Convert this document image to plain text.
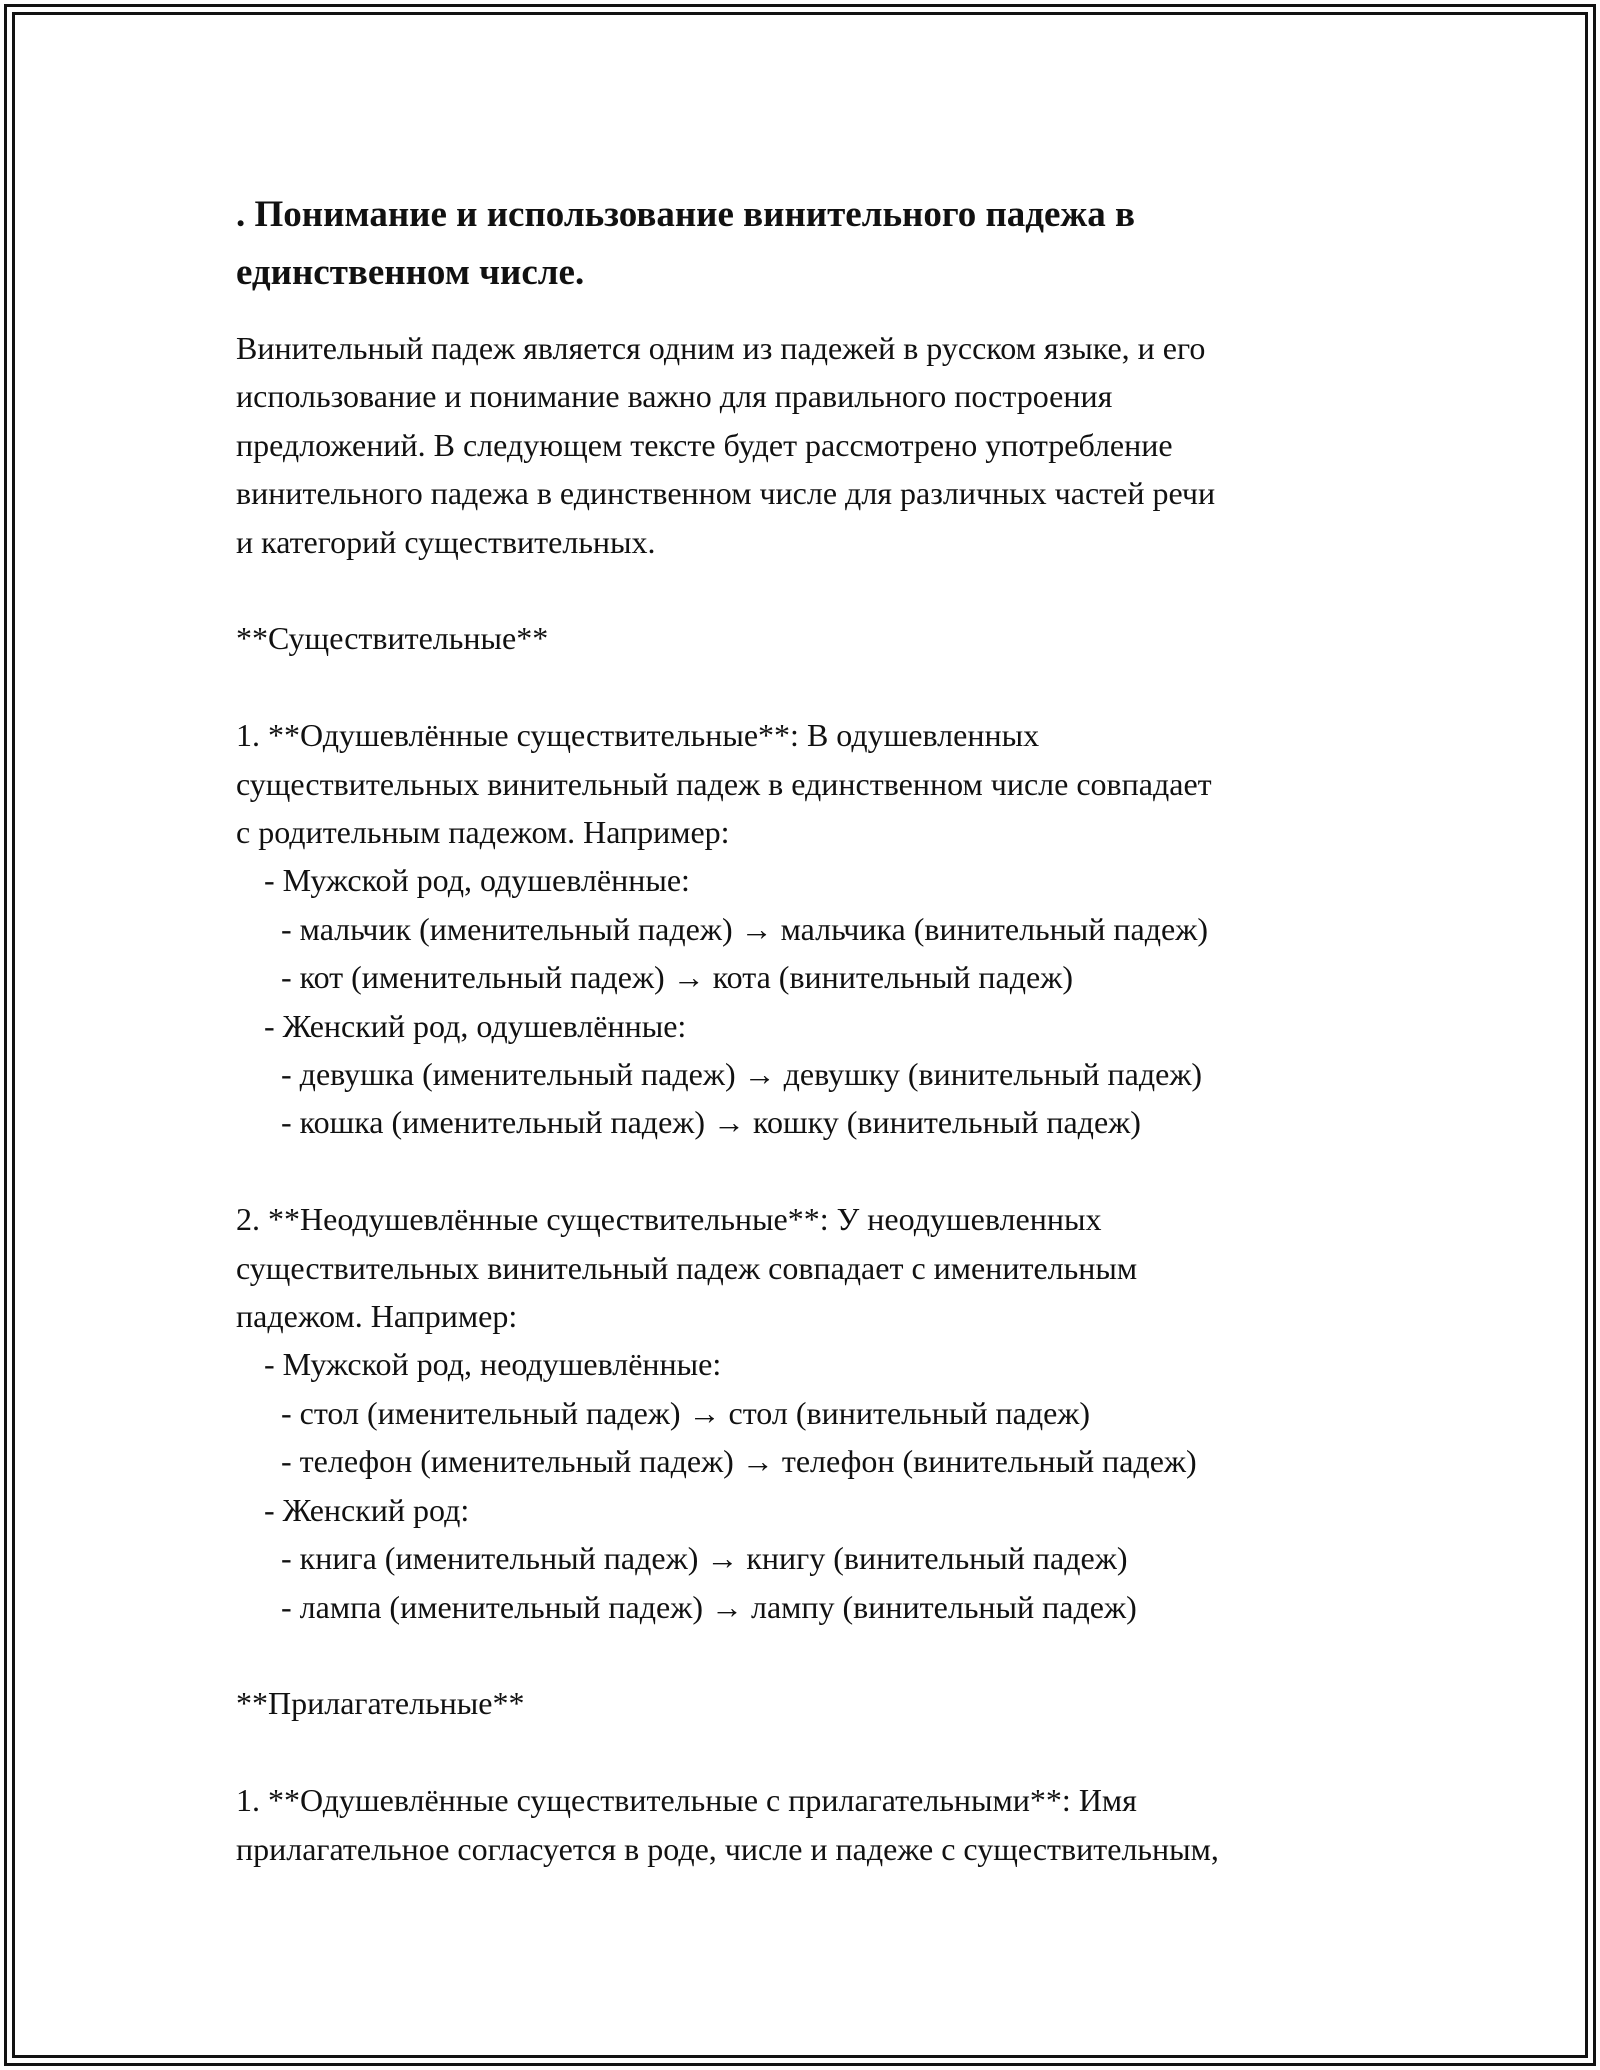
. Понимание и использование винительного падежа в
единственном числе.
Винительный падеж является одним из падежей в русском языке, и его
использование и понимание важно для правильного построения
предложений. В следующем тексте будет рассмотрено употребление
винительного падежа в единственном числе для различных частей речи
и категорий существительных.
**Существительные**
1. **Одушевлённые существительные**: В одушевленных
существительных винительный падеж в единственном числе совпадает
с родительным падежом. Например:
- Мужской род, одушевлённые:
- мальчик (именительный падеж) → мальчика (винительный падеж)
- кот (именительный падеж) → кота (винительный падеж)
- Женский род, одушевлённые:
- девушка (именительный падеж) → девушку (винительный падеж)
- кошка (именительный падеж) → кошку (винительный падеж)
2. **Неодушевлённые существительные**: У неодушевленных
существительных винительный падеж совпадает с именительным
падежом. Например:
- Мужской род, неодушевлённые:
- стол (именительный падеж) → стол (винительный падеж)
- телефон (именительный падеж) → телефон (винительный падеж)
- Женский род:
- книга (именительный падеж) → книгу (винительный падеж)
- лампа (именительный падеж) → лампу (винительный падеж)
**Прилагательные**
1. **Одушевлённые существительные с прилагательными**: Имя
прилагательное согласуется в роде, числе и падеже с существительным,
